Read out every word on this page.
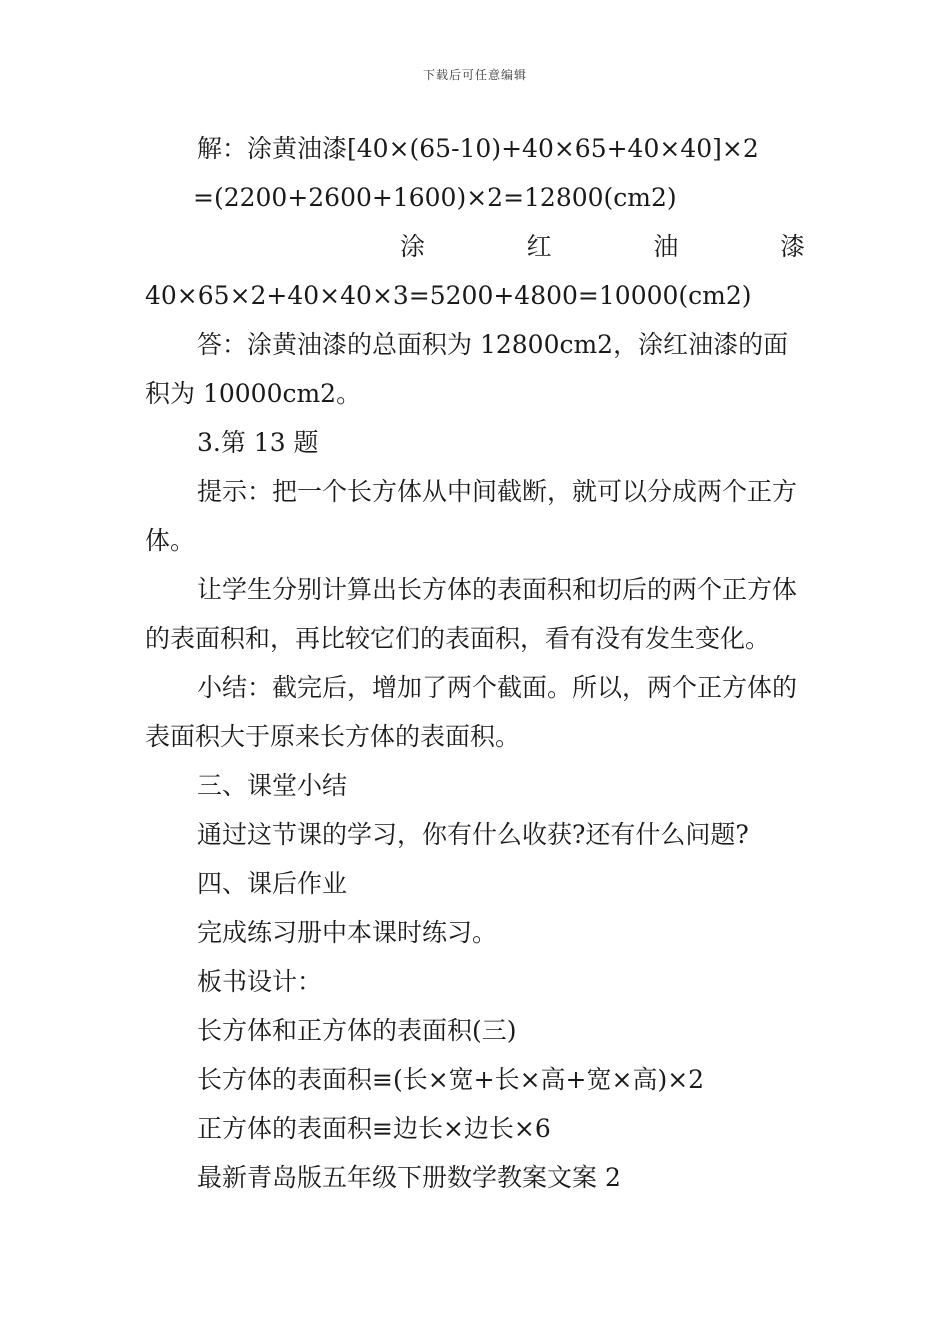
下载后可任意编辑

解：涂黄油漆[40×(65-10)+40×65+40×40]×2

=(2200+2600+1600)×2=12800(cm2)

涂	红	油	漆

40×65×2+40×40×3=5200+4800=10000(cm2)

答：涂黄油漆的总面积为 12800cm2，涂红油漆的面积为 10000cm2。

3.第 13 题

提示：把一个长方体从中间截断，就可以分成两个正方体。

让学生分别计算出长方体的表面积和切后的两个正方体的表面积和，再比较它们的表面积，看有没有发生变化。

小结：截完后，增加了两个截面。所以，两个正方体的表面积大于原来长方体的表面积。

三、课堂小结

通过这节课的学习，你有什么收获?还有什么问题?

四、课后作业

完成练习册中本课时练习。

板书设计：

长方体和正方体的表面积(三)

长方体的表面积≡(长×宽+长×高+宽×高)×2

正方体的表面积≡边长×边长×6

最新青岛版五年级下册数学教案文案 2
